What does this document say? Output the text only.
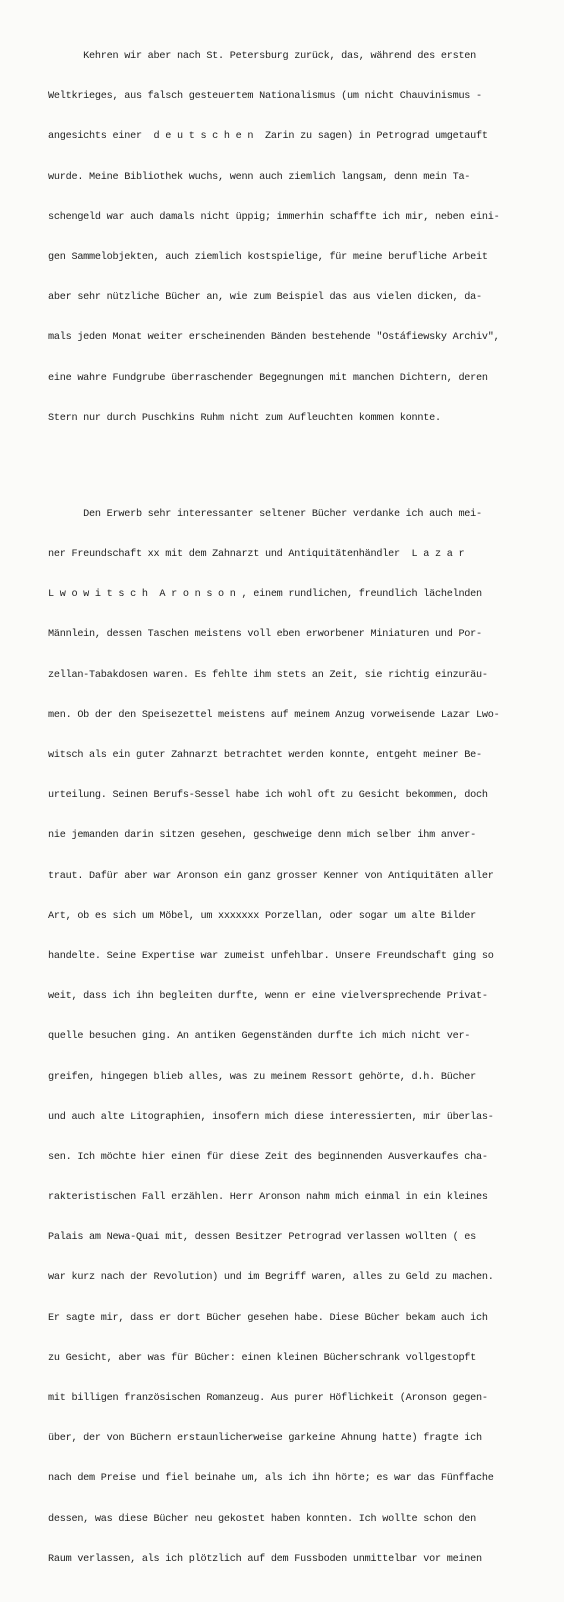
Kehren wir aber nach St. Petersburg zurück, das, während des ersten

Weltkrieges, aus falsch gesteuertem Nationalismus (um nicht Chauvinismus -

angesichts einer  d e u t s c h e n  Zarin zu sagen) in Petrograd umgetauft

wurde. Meine Bibliothek wuchs, wenn auch ziemlich langsam, denn mein Ta-

schengeld war auch damals nicht üppig; immerhin schaffte ich mir, neben eini-

gen Sammelobjekten, auch ziemlich kostspielige, für meine berufliche Arbeit

aber sehr nützliche Bücher an, wie zum Beispiel das aus vielen dicken, da-

mals jeden Monat weiter erscheinenden Bänden bestehende "Ostáfiewsky Archiv",

eine wahre Fundgrube überraschender Begegnungen mit manchen Dichtern, deren

Stern nur durch Puschkins Ruhm nicht zum Aufleuchten kommen konnte.

Den Erwerb sehr interessanter seltener Bücher verdanke ich auch mei-

ner Freundschaft xx mit dem Zahnarzt und Antiquitätenhändler  L a z a r

L w o w i t s c h  A r o n s o n , einem rundlichen, freundlich lächelnden

Männlein, dessen Taschen meistens voll eben erworbener Miniaturen und Por-

zellan-Tabakdosen waren. Es fehlte ihm stets an Zeit, sie richtig einzuräu-

men. Ob der den Speisezettel meistens auf meinem Anzug vorweisende Lazar Lwo-

witsch als ein guter Zahnarzt betrachtet werden konnte, entgeht meiner Be-

urteilung. Seinen Berufs-Sessel habe ich wohl oft zu Gesicht bekommen, doch

nie jemanden darin sitzen gesehen, geschweige denn mich selber ihm anver-

traut. Dafür aber war Aronson ein ganz grosser Kenner von Antiquitäten aller

Art, ob es sich um Möbel, um xxxxxxx Porzellan, oder sogar um alte Bilder

handelte. Seine Expertise war zumeist unfehlbar. Unsere Freundschaft ging so

weit, dass ich ihn begleiten durfte, wenn er eine vielversprechende Privat-

quelle besuchen ging. An antiken Gegenständen durfte ich mich nicht ver-

greifen, hingegen blieb alles, was zu meinem Ressort gehörte, d.h. Bücher

und auch alte Litographien, insofern mich diese interessierten, mir überlas-

sen. Ich möchte hier einen für diese Zeit des beginnenden Ausverkaufes cha-

rakteristischen Fall erzählen. Herr Aronson nahm mich einmal in ein kleines

Palais am Newa-Quai mit, dessen Besitzer Petrograd verlassen wollten ( es

war kurz nach der Revolution) und im Begriff waren, alles zu Geld zu machen.

Er sagte mir, dass er dort Bücher gesehen habe. Diese Bücher bekam auch ich

zu Gesicht, aber was für Bücher: einen kleinen Bücherschrank vollgestopft

mit billigen französischen Romanzeug. Aus purer Höflichkeit (Aronson gegen-

über, der von Büchern erstaunlicherweise garkeine Ahnung hatte) fragte ich

nach dem Preise und fiel beinahe um, als ich ihn hörte; es war das Fünffache

dessen, was diese Bücher neu gekostet haben konnten. Ich wollte schon den

Raum verlassen, als ich plötzlich auf dem Fussboden unmittelbar vor meinen
